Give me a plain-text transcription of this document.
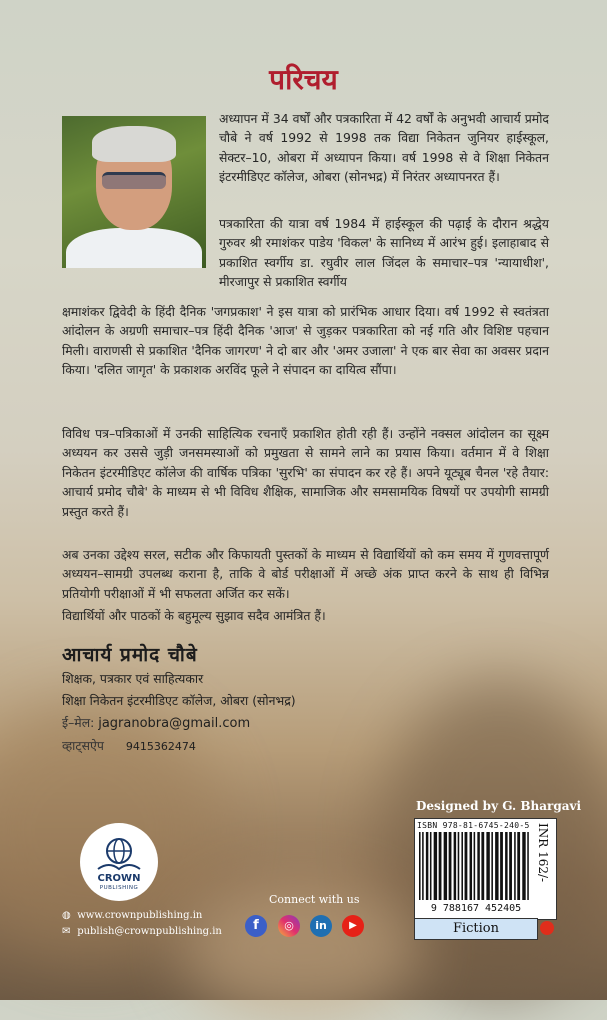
परिचय

अध्यापन में 34 वर्षों और पत्रकारिता में 42 वर्षों के अनुभवी आचार्य प्रमोद चौबे ने वर्ष 1992 से 1998 तक विद्या निकेतन जुनियर हाईस्कूल, सेक्टर–10, ओबरा में अध्यापन किया। वर्ष 1998 से वे शिक्षा निकेतन इंटरमीडिएट कॉलेज, ओबरा (सोनभद्र) में निरंतर अध्यापनरत हैं।

पत्रकारिता की यात्रा वर्ष 1984 में हाईस्कूल की पढ़ाई के दौरान श्रद्धेय गुरुवर श्री रमाशंकर पाडेय 'विकल' के सानिध्य में आरंभ हुई। इलाहाबाद से प्रकाशित स्वर्गीय डा. रघुवीर लाल जिंदल के समाचार–पत्र 'न्यायाधीश', मीरजापुर से प्रकाशित स्वर्गीय

क्षमाशंकर द्विवेदी के हिंदी दैनिक 'जगप्रकाश' ने इस यात्रा को प्रारंभिक आधार दिया। वर्ष 1992 से स्वतंत्रता आंदोलन के अग्रणी समाचार–पत्र हिंदी दैनिक 'आज' से जुड़कर पत्रकारिता को नई गति और विशिष्ट पहचान मिली। वाराणसी से प्रकाशित 'दैनिक जागरण' ने दो बार और 'अमर उजाला' ने एक बार सेवा का अवसर प्रदान किया। 'दलित जागृत' के प्रकाशक अरविंद फूले ने संपादन का दायित्व सौंपा।

विविध पत्र–पत्रिकाओं में उनकी साहित्यिक रचनाएँ प्रकाशित होती रही हैं। उन्होंने नक्सल आंदोलन का सूक्ष्म अध्ययन कर उससे जुड़ी जनसमस्याओं को प्रमुखता से सामने लाने का प्रयास किया। वर्तमान में वे शिक्षा निकेतन इंटरमीडिएट कॉलेज की वार्षिक पत्रिका 'सुरभि' का संपादन कर रहे हैं। अपने यूट्यूब चैनल 'रहे तैयार: आचार्य प्रमोद चौबे' के माध्यम से भी विविध शैक्षिक, सामाजिक और समसामयिक विषयों पर उपयोगी सामग्री प्रस्तुत करते हैं।

अब उनका उद्देश्य सरल, सटीक और किफायती पुस्तकों के माध्यम से विद्यार्थियों को कम समय में गुणवत्तापूर्ण अध्ययन–सामग्री उपलब्ध कराना है, ताकि वे बोर्ड परीक्षाओं में अच्छे अंक प्राप्त करने के साथ ही विभिन्न प्रतियोगी परीक्षाओं में भी सफलता अर्जित कर सकें।

विद्यार्थियों और पाठकों के बहुमूल्य सुझाव सदैव आमंत्रित हैं।

आचार्य प्रमोद चौबे
शिक्षक, पत्रकार एवं साहित्यकार
शिक्षा निकेतन इंटरमीडिएट कॉलेज, ओबरा (सोनभद्र)
ई–मेल: jagranobra@gmail.com
व्हाट्सऐप 9415362474
Designed by G. Bhargavi
ISBN 978-81-6745-240-5
9 788167 452405
INR 162/-
Fiction
CROWN
PUBLISHING
◍ www.crownpublishing.in
✉ publish@crownpublishing.in
Connect with us
f	◎	in	▶
